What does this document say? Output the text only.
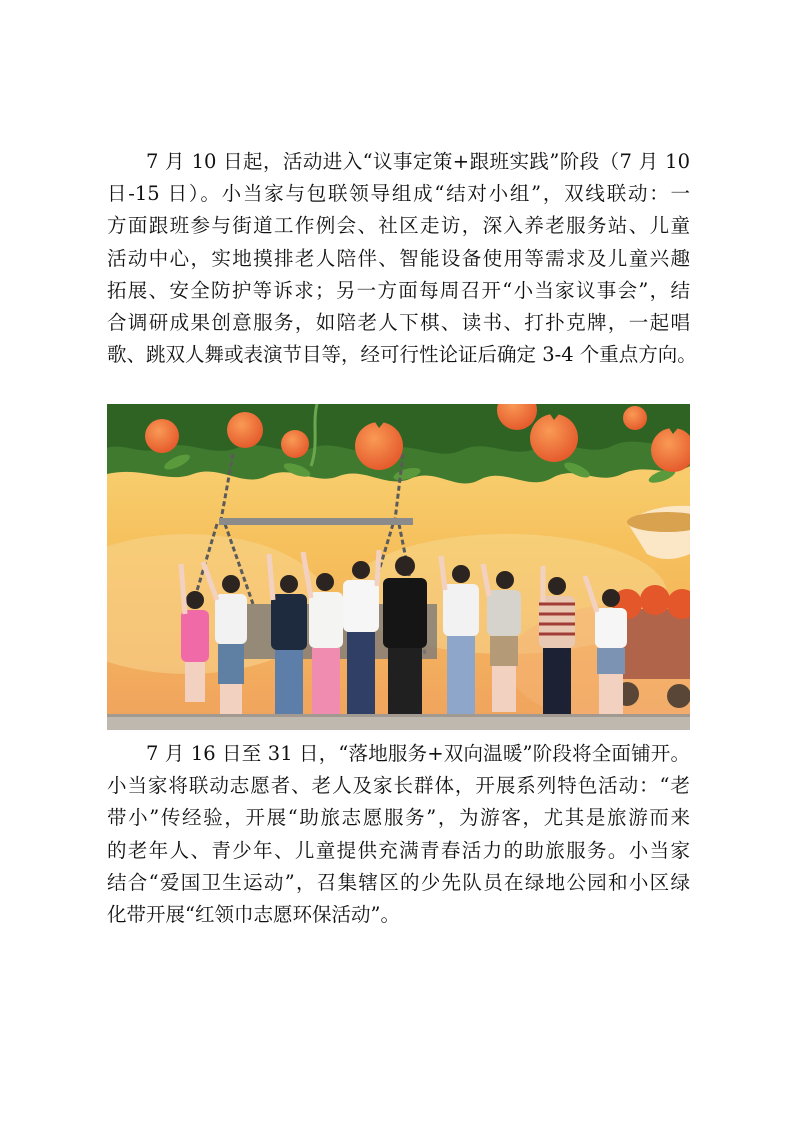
7 月 10 日起，活动进入“议事定策+跟班实践”阶段（7 月 10
日-15 日）。小当家与包联领导组成“结对小组”，双线联动：一
方面跟班参与街道工作例会、社区走访，深入养老服务站、儿童
活动中心，实地摸排老人陪伴、智能设备使用等需求及儿童兴趣
拓展、安全防护等诉求；另一方面每周召开“小当家议事会”，结
合调研成果创意服务，如陪老人下棋、读书、打扑克牌，一起唱
歌、跳双人舞或表演节目等，经可行性论证后确定 3-4 个重点方向。
7 月 16 日至 31 日，“落地服务+双向温暖”阶段将全面铺开。
小当家将联动志愿者、老人及家长群体，开展系列特色活动：“老
带小”传经验，开展“助旅志愿服务”，为游客，尤其是旅游而来
的老年人、青少年、儿童提供充满青春活力的助旅服务。小当家
结合“爱国卫生运动”，召集辖区的少先队员在绿地公园和小区绿
化带开展“红领巾志愿环保活动”。
